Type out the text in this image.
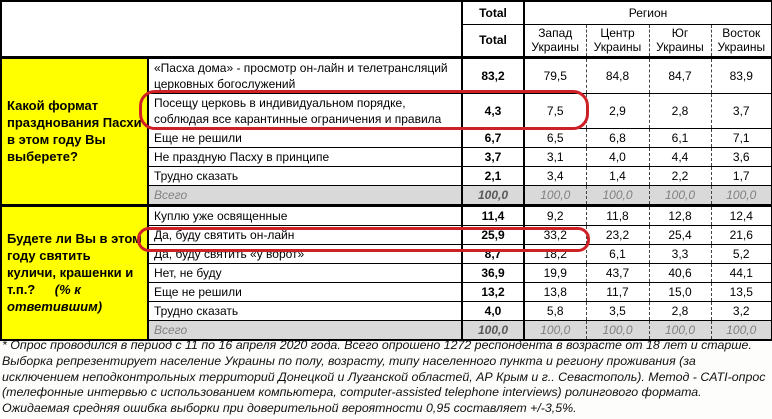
		Total	Регион			
		Total	Запад Украины	Центр Украины	Юг Украины	Восток Украины
Какой формат празднования Пасхи в этом году Вы выберете?	«Пасха дома» - просмотр он-лайн и телетрансляций церковных богослужений	83,2	79,5	84,8	84,7	83,9
	Посещу церковь в индивидуальном порядке, соблюдая все карантинные ограничения и правила	4,3	7,5	2,9	2,8	3,7
	Еще не решили	6,7	6,5	6,8	6,1	7,1
	Не праздную Пасху в принципе	3,7	3,1	4,0	4,4	3,6
	Трудно сказать	2,1	3,4	1,4	2,2	1,7
	Всего	100,0	100,0	100,0	100,0	100,0
Будете ли Вы в этом году святить куличи, крашенки и т.п.?    (% к ответившим)	Куплю уже освященные	11,4	9,2	11,8	12,8	12,4
	Да, буду святить он-лайн	25,9	33,2	23,2	25,4	21,6
	Да, буду святить «у ворот»	8,7	18,2	6,1	3,3	5,2
	Нет, не буду	36,9	19,9	43,7	40,6	44,1
	Еще не решили	13,2	13,8	11,7	15,0	13,5
	Трудно сказать	4,0	5,8	3,5	2,8	3,2
	Всего	100,0	100,0	100,0	100,0	100,0

* Опрос проводился в период с 11 по 16 апреля 2020 года. Всего опрошено 1272 респондента в возрасте от 18 лет и старше. Выборка репрезентирует население Украины по полу, возрасту, типу населенного пункта и региону проживания (за исключением неподконтрольных территорий Донецкой и Луганской областей, АР Крым и г.. Севастополь). Метод - CATI-опрос (телефонные интервью с использованием компьютера, computer-assisted telephone interviews) ролингового формата. Ожидаемая средняя ошибка выборки при доверительной вероятности 0,95 составляет +/-3,5%.
